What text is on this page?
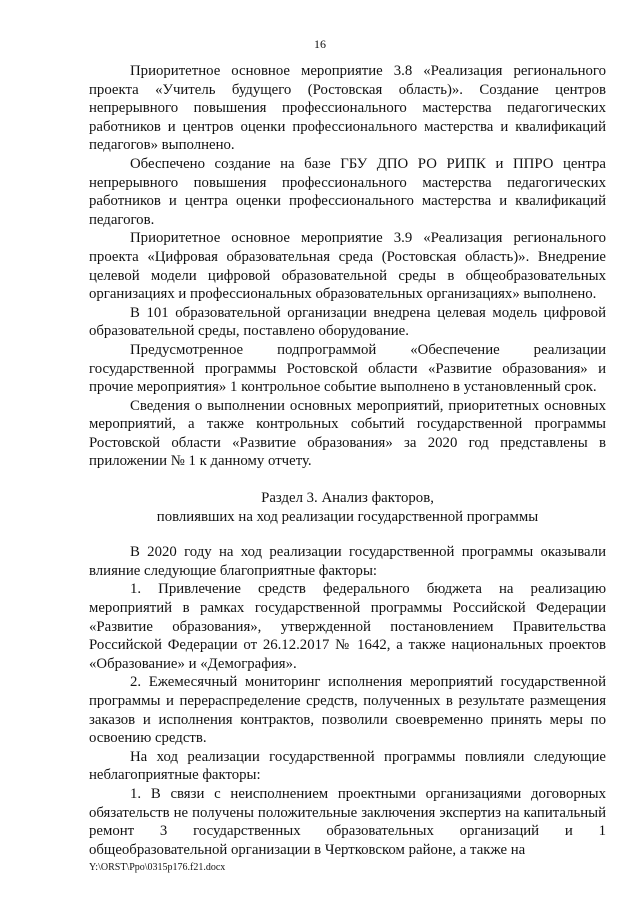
16

Приоритетное основное мероприятие 3.8 «Реализация регионального проекта «Учитель будущего (Ростовская область)». Создание центров непрерывного повышения профессионального мастерства педагогических работников и центров оценки профессионального мастерства и квалификаций педагогов» выполнено.

Обеспечено создание на базе ГБУ ДПО РО РИПК и ППРО центра непрерывного повышения профессионального мастерства педагогических работников и центра оценки профессионального мастерства и квалификаций педагогов.

Приоритетное основное мероприятие 3.9 «Реализация регионального проекта «Цифровая образовательная среда (Ростовская область)». Внедрение целевой модели цифровой образовательной среды в общеобразовательных организациях и профессиональных образовательных организациях» выполнено.

В 101 образовательной организации внедрена целевая модель цифровой образовательной среды, поставлено оборудование.

Предусмотренное подпрограммой «Обеспечение реализации государственной программы Ростовской области «Развитие образования» и прочие мероприятия» 1 контрольное событие выполнено в установленный срок.

Сведения о выполнении основных мероприятий, приоритетных основных мероприятий, а также контрольных событий государственной программы Ростовской области «Развитие образования» за 2020 год представлены в приложении № 1 к данному отчету.

Раздел 3. Анализ факторов,
повлиявших на ход реализации государственной программы

В 2020 году на ход реализации государственной программы оказывали влияние следующие благоприятные факторы:

1. Привлечение средств федерального бюджета на реализацию мероприятий в рамках государственной программы Российской Федерации «Развитие образования», утвержденной постановлением Правительства Российской Федерации от 26.12.2017 № 1642, а также национальных проектов «Образование» и «Демография».

2. Ежемесячный мониторинг исполнения мероприятий государственной программы и перераспределение средств, полученных в результате размещения заказов и исполнения контрактов, позволили своевременно принять меры по освоению средств.

На ход реализации государственной программы повлияли следующие неблагоприятные факторы:

1. В связи с неисполнением проектными организациями договорных обязательств не получены положительные заключения экспертиз на капитальный ремонт 3 государственных образовательных организаций и 1 общеобразовательной организации в Чертковском районе, а также на

Y:\ORST\Ppo\0315p176.f21.docx
